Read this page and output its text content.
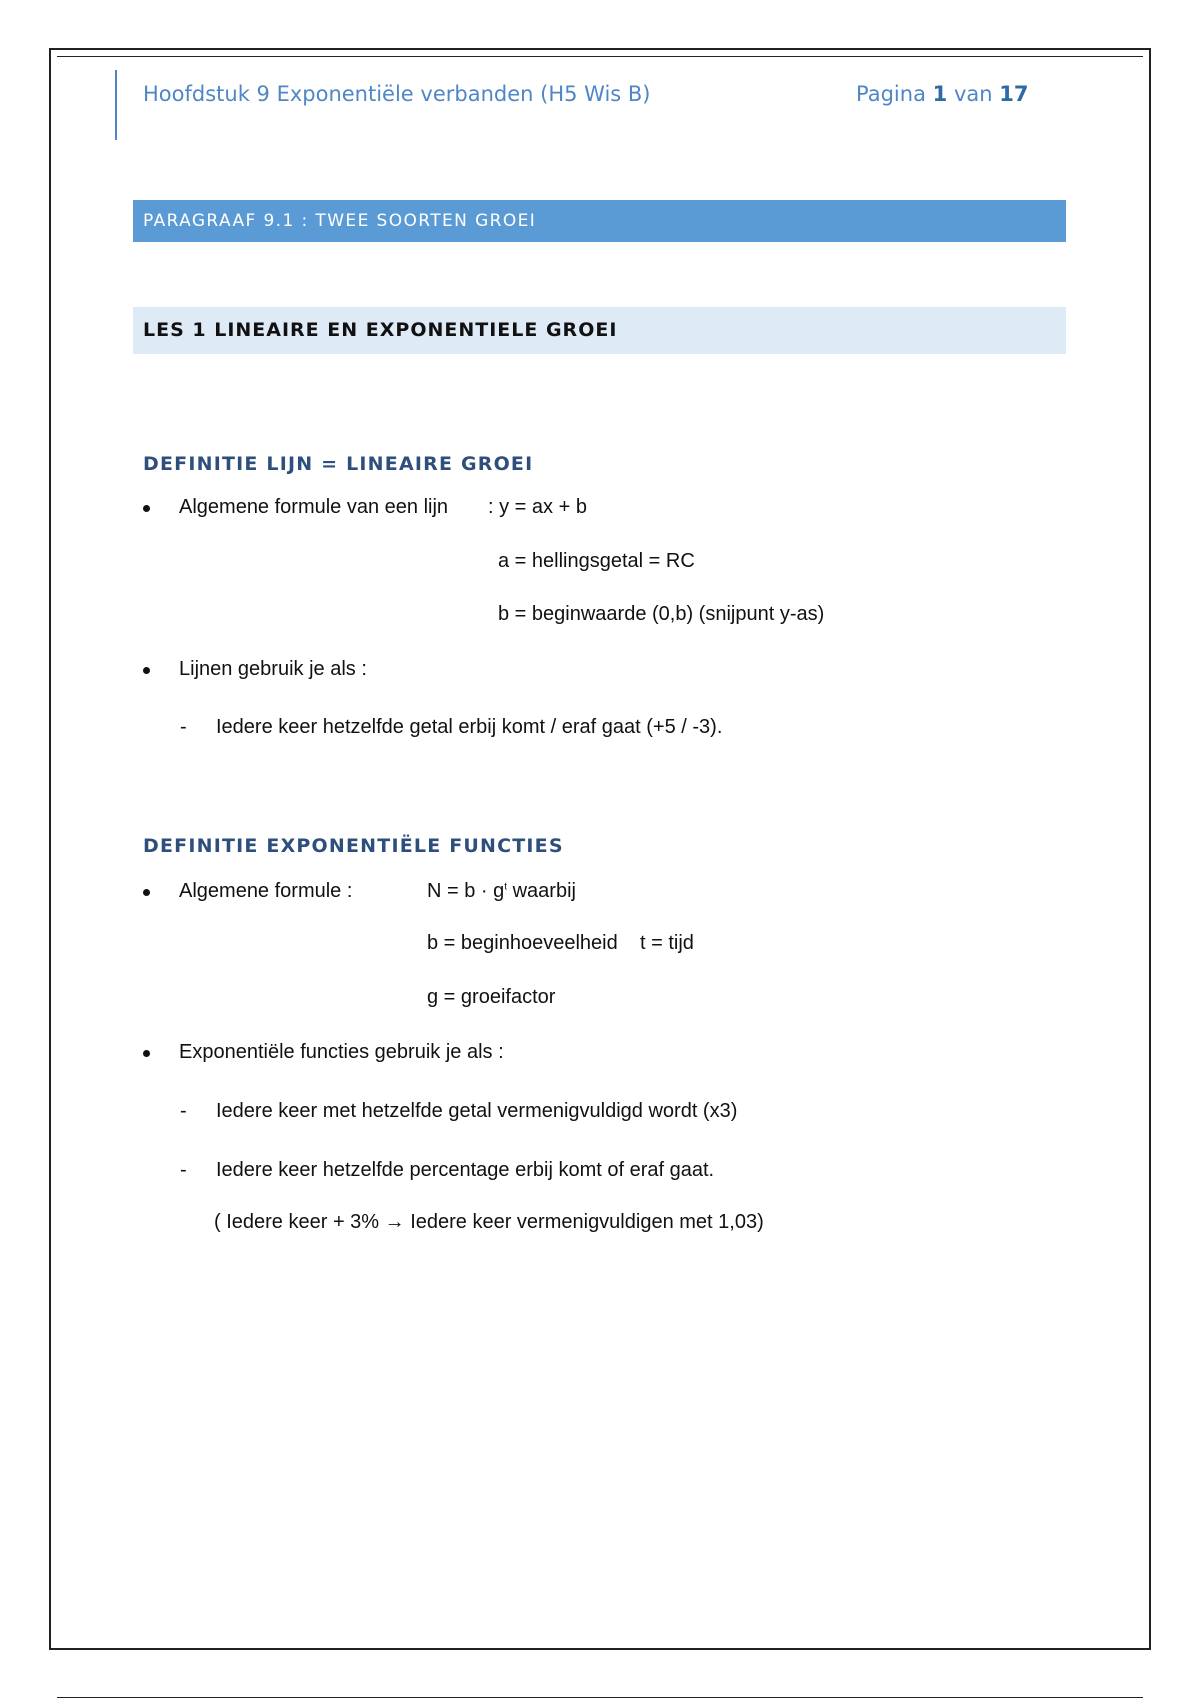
Hoofdstuk 9 Exponentiële verbanden (H5 Wis B)	Pagina 1 van 17
PARAGRAAF 9.1 : TWEE SOORTEN GROEI
LES 1 LINEAIRE EN EXPONENTIELE GROEI
DEFINITIE LIJN = LINEAIRE GROEI
Algemene formule van een lijn : y = ax + b
a = hellingsgetal = RC
b = beginwaarde (0,b) (snijpunt y-as)
Lijnen gebruik je als :
- Iedere keer hetzelfde getal erbij komt / eraf gaat (+5 / -3).
DEFINITIE EXPONENTIËLE FUNCTIES
Algemene formule :	$N = b \cdot g^t$ waarbij
b = beginhoeveelheid t = tijd
g = groeifactor
Exponentiële functies gebruik je als :
- Iedere keer met hetzelfde getal vermenigvuldigd wordt (x3)
- Iedere keer hetzelfde percentage erbij komt of eraf gaat.
( Iedere keer + 3% → Iedere keer vermenigvuldigen met 1,03)
